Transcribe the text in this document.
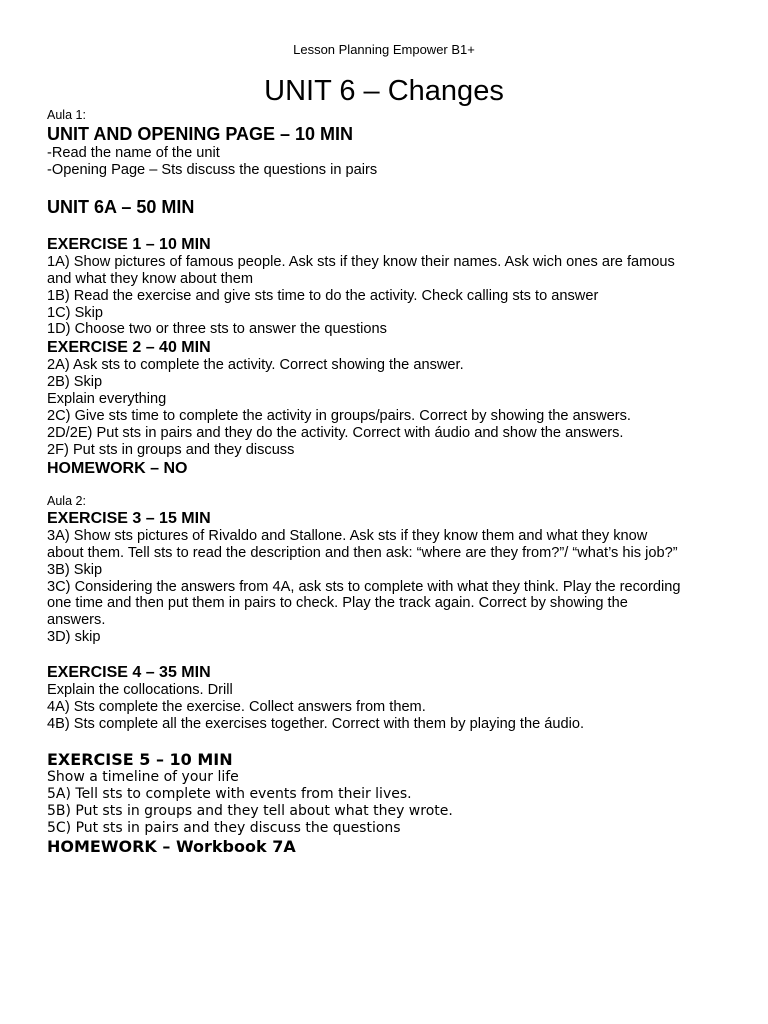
Lesson Planning Empower B1+
UNIT 6 – Changes

Aula 1:

UNIT AND OPENING PAGE – 10 MIN

-Read the name of the unit

-Opening Page – Sts discuss the questions in pairs

UNIT 6A – 50 MIN

EXERCISE 1 – 10 MIN

1A) Show pictures of famous people. Ask sts if they know their names. Ask wich ones are famous

and what they know about them

1B) Read the exercise and give sts time to do the activity. Check calling sts to answer

1C) Skip

1D) Choose two or three sts to answer the questions

EXERCISE 2 – 40 MIN

2A) Ask sts to complete the activity. Correct showing the answer.

2B) Skip

Explain everything

2C) Give sts time to complete the activity in groups/pairs. Correct by showing the answers.

2D/2E) Put sts in pairs and they do the activity. Correct with áudio and show the answers.

2F) Put sts in groups and they discuss

HOMEWORK – NO

Aula 2:

EXERCISE 3 – 15 MIN

3A) Show sts pictures of Rivaldo and Stallone. Ask sts if they know them and what they know

about them. Tell sts to read the description and then ask: “where are they from?”/ “what’s his job?”

3B) Skip

3C) Considering the answers from 4A, ask sts to complete with what they think. Play the recording

one time and then put them in pairs to check. Play the track again. Correct by showing the

answers.

3D) skip

EXERCISE 4 – 35 MIN

Explain the collocations. Drill

4A) Sts complete the exercise. Collect answers from them.

4B) Sts complete all the exercises together. Correct with them by playing the áudio.

EXERCISE 5 – 10 MIN

Show a timeline of your life

5A) Tell sts to complete with events from their lives.

5B) Put sts in groups and they tell about what they wrote.

5C) Put sts in pairs and they discuss the questions

HOMEWORK – Workbook 7A
